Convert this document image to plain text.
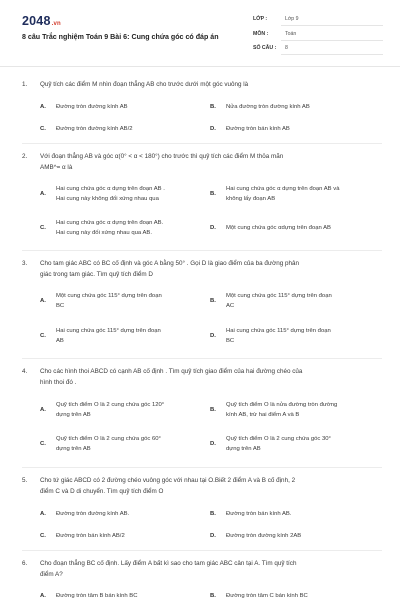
2048.vn
8 câu Trắc nghiệm Toán 9 Bài 6: Cung chứa góc có đáp án
LỚP :	Lớp 9
MÔN :	Toán
SỐ CÂU : 8
1. Quỹ tích các điểm M nhìn đoạn thẳng AB cho trước dưới một góc vuông là
A. Đường tròn đường kính AB	B. Nửa đường tròn đường kính AB
C. Đường tròn đường kính AB/2	D. Đường tròn bán kính AB
2. Với đoạn thẳng AB và góc α(0° < α < 180°) cho trước thì quỹ tích các điểm M thỏa mãn
AMB^= α là
A.
Hai cung chứa góc α dựng trên đoạn AB .
Hai cung này không đối xứng nhau qua
B.
Hai cung chứa góc α dựng trên đoạn AB và
không lấy đoạn AB
C.
Hai cung chứa góc α dựng trên đoạn AB.
Hai cung này đối xứng nhau qua AB.
D. Một cung chứa góc αdựng trên đoạn AB
3. Cho tam giác ABC có BC cố định và góc A bằng 50° . Gọi D là giao điểm của ba đường phân
giác trong tam giác. Tìm quỹ tích điểm D
A.
Một cung chứa góc 115° dựng trên đoạn
BC
B.
Một cung chứa góc 115° dựng trên đoạn
AC
C.
Hai cung chứa góc 115° dựng trên đoạn
AB
D.
Hai cung chứa góc 115° dựng trên đoạn
BC
4. Cho các hình thoi ABCD có cạnh AB cố định . Tìm quỹ tích giao điểm của hai đường chéo của
hình thoi đó .
A.
Quỹ tích điểm O là 2 cung chứa góc 120°
dựng trên AB
B.
Quỹ tích điểm O là nửa đường tròn đường
kính AB, trừ hai điểm A và B
C.
Quỹ tích điểm O là 2 cung chứa góc 60°
dựng trên AB
D.
Quỹ tích điểm O là 2 cung chứa góc 30°
dựng trên AB
5. Cho tứ giác ABCD có 2 đường chéo vuông góc với nhau tại O.Biết 2 điểm A và B cố định, 2
điểm C và D di chuyển. Tìm quỹ tích điểm O
A. Đường tròn đường kính AB.	B. Đường tròn bán kính AB.
C. Đường tròn bán kính AB/2	D. Đường tròn đường kính 2AB
6. Cho đoạn thẳng BC cố định. Lấy điểm A bất kì sao cho tam giác ABC cân tại A. Tìm quỹ tích
điểm A?
A. Đường tròn tâm B bán kính BC	B. Đường tròn tâm C bán kính BC
